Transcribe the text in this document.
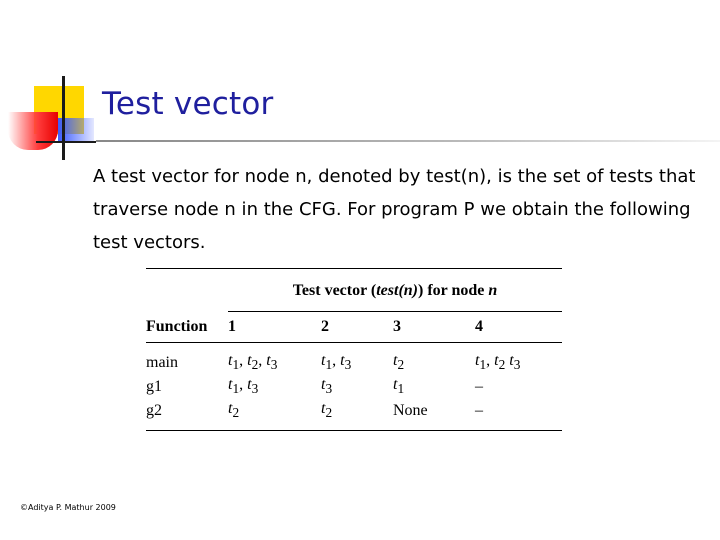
Test vector

A test vector for node n, denoted by test(n), is the set of tests that traverse node n in the CFG. For program P we obtain the following test vectors.

	Test vector (test(n)) for node n			

Function	1	2	3	4

main	$t_1$, $t_2$, $t_3$	$t_1$, $t_3$	$t_2$	$t_1$, $t_2$ $t_3$
g1	$t_1$, $t_3$	$t_3$	$t_1$	–
g2	$t_2$	$t_2$	None	–

©Aditya P. Mathur 2009
